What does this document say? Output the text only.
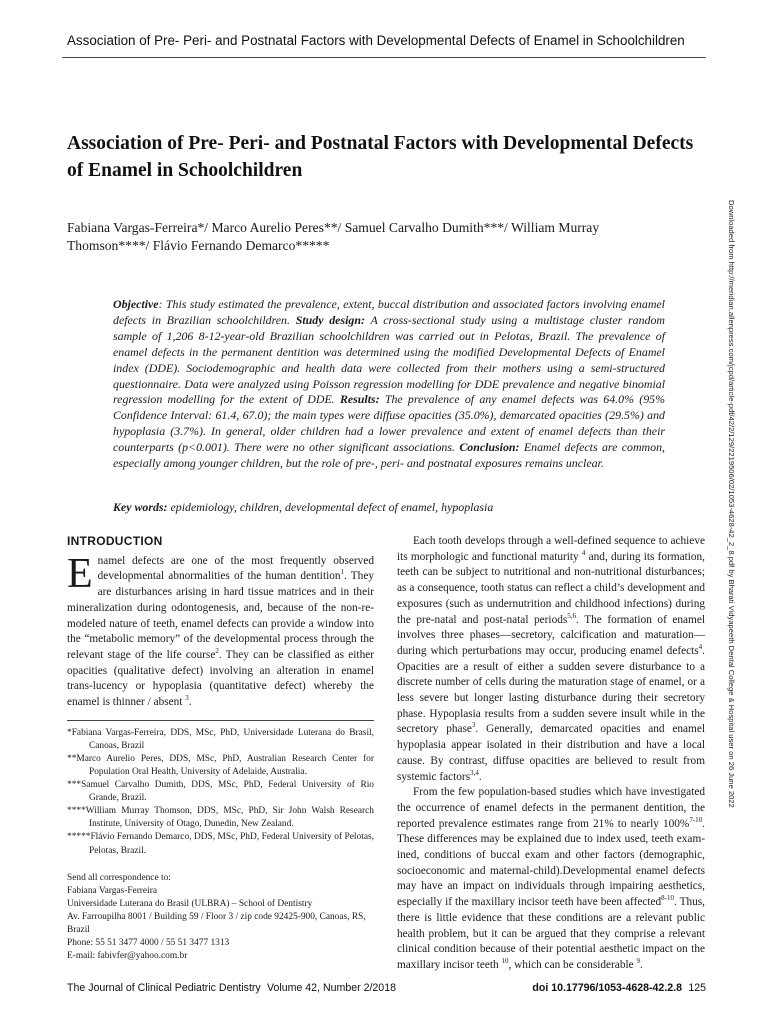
Association of Pre- Peri- and Postnatal Factors with Developmental Defects of Enamel in Schoolchildren
Association of Pre- Peri- and Postnatal Factors with Developmental Defects of Enamel in Schoolchildren

Fabiana Vargas-Ferreira*/ Marco Aurelio Peres**/ Samuel Carvalho Dumith***/ William Murray Thomson****/ Flávio Fernando Demarco*****	Downloaded from http://meridian.allenpress.com/jcpd/article-pdf/42/2/129/2219506/02/1053-4628-42_2_8.pdf by Bharati Vidyapeeth Dental College & Hospital user on 26 June 2022

Objective: This study estimated the prevalence, extent, buccal distribution and associated factors involving enamel defects in Brazilian schoolchildren. Study design: A cross-sectional study using a multistage cluster random sample of 1,206 8-12-year-old Brazilian schoolchildren was carried out in Pelotas, Brazil. The prevalence of enamel defects in the permanent dentition was determined using the modified Developmental Defects of Enamel index (DDE). Sociodemographic and health data were collected from their mothers using a semi-structured questionnaire. Data were analyzed using Poisson regression modelling for DDE prevalence and negative binomial regression modelling for the extent of DDE. Results: The prevalence of any enamel defects was 64.0% (95% Confidence Interval: 61.4, 67.0); the main types were diffuse opacities (35.0%), demarcated opacities (29.5%) and hypoplasia (3.7%). In general, older children had a lower prevalence and extent of enamel defects than their counterparts (p<0.001). There were no other significant associations. Conclusion: Enamel defects are common, especially among younger children, but the role of pre-, peri- and postnatal exposures remains unclear.

Key words: epidemiology, children, developmental defect of enamel, hypoplasia

INTRODUCTION

Enamel defects are one of the most frequently observed developmental abnormalities of the human dentition$^1$. They are disturbances arising in hard tissue matrices and in their mineralization during odontogenesis, and, because of the non-re-modeled nature of teeth, enamel defects can provide a window into the “metabolic memory” of the developmental process through the relevant stage of the life course$^2$. They can be classified as either opacities (qualitative defect) involving an alteration in enamel trans-lucency or hypoplasia (quantitative defect) whereby the enamel is thinner / absent $^3$.

*Fabiana Vargas-Ferreira, DDS, MSc, PhD, Universidade Luterana do Brasil, Canoas, Brazil
**Marco Aurelio Peres, DDS, MSc, PhD, Australian Research Center for Population Oral Health, University of Adelaide, Australia.
***Samuel Carvalho Dumith, DDS, MSc, PhD, Federal University of Rio Grande, Brazil.
****William Murray Thomson, DDS, MSc, PhD, Sir John Walsh Research Institute, University of Otago, Dunedin, New Zealand.
*****Flávio Fernando Demarco, DDS, MSc, PhD, Federal University of Pelotas, Pelotas, Brazil.
Send all correspondence to:
Fabiana Vargas-Ferreira
Universidade Luterana do Brasil (ULBRA) – School of Dentistry
Av. Farroupilha 8001 / Building 59 / Floor 3 / zip code 92425-900, Canoas, RS, Brazil
Phone: 55 51 3477 4000 / 55 51 3477 1313
E-mail: fabivfer@yahoo.com.br

Each tooth develops through a well-defined sequence to achieve its morphologic and functional maturity $^4$ and, during its formation, teeth can be subject to nutritional and non-nutritional disturbances; as a consequence, tooth status can reflect a child’s development and exposures (such as undernutrition and childhood infections) during the pre-natal and post-natal periods$^{5,6}$. The formation of enamel involves three phases—secretory, calcification and maturation—during which perturbations may occur, producing enamel defects$^4$. Opacities are a result of either a sudden severe disturbance to a discrete number of cells during the maturation stage of enamel, or a less severe but longer lasting disturbance during their secretory phase. Hypoplasia results from a sudden severe insult while in the secretory phase$^3$. Generally, demarcated opacities and enamel hypoplasia appear isolated in their distribution and have a local cause. By contrast, diffuse opacities are believed to result from systemic factors$^{3,4}$.

From the few population-based studies which have investigated the occurrence of enamel defects in the permanent dentition, the reported prevalence estimates range from 21% to nearly 100%$^{7-10}$. These differences may be explained due to index used, teeth exam-ined, conditions of buccal exam and other factors (demographic, socioeconomic and maternal-child).Developmental enamel defects may have an impact on individuals through impairing aesthetics, especially if the maxillary incisor teeth have been affected$^{8-10}$. Thus, there is little evidence that these conditions are a relevant public health problem, but it can be argued that they comprise a relevant clinical condition because of their potential aesthetic impact on the maxillary incisor teeth $^{10}$, which can be considerable $^9$.

The Journal of Clinical Pediatric Dentistry Volume 42, Number 2/2018	doi 10.17796/1053-4628-42.2.8 125
